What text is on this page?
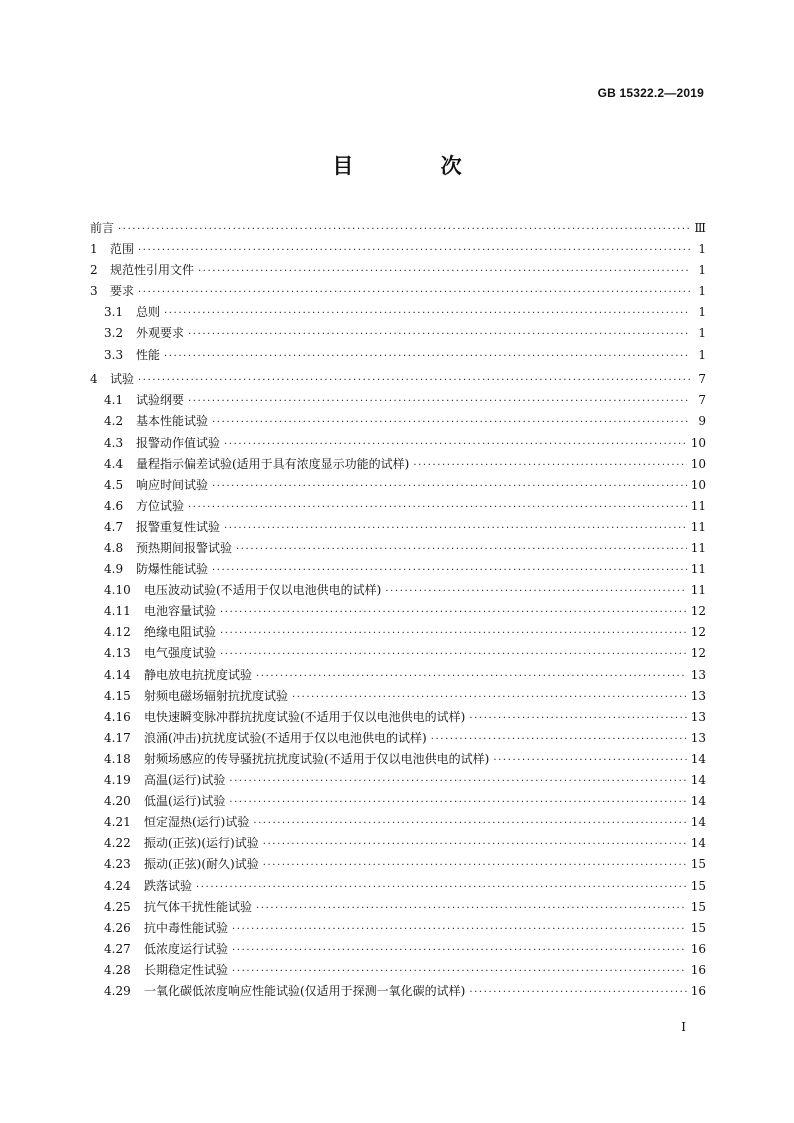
GB 15322.2—2019
目 次
前言 ·····	Ⅲ
1	范围 ·····	1
2	规范性引用文件 ·····	1
3	要求 ·····	1
3.1	总则 ·····	1
3.2	外观要求 ·····	1
3.3	性能 ·····	1
4	试验 ·····	7
4.1	试验纲要 ·····	7
4.2	基本性能试验 ·····	9
4.3	报警动作值试验 ·····	10
4.4	量程指示偏差试验(适用于具有浓度显示功能的试样) ·····	10
4.5	响应时间试验 ·····	10
4.6	方位试验 ·····	11
4.7	报警重复性试验 ·····	11
4.8	预热期间报警试验 ·····	11
4.9	防爆性能试验 ·····	11
4.10	电压波动试验(不适用于仅以电池供电的试样) ·····	11
4.11	电池容量试验 ·····	12
4.12	绝缘电阻试验 ·····	12
4.13	电气强度试验 ·····	12
4.14	静电放电抗扰度试验 ·····	13
4.15	射频电磁场辐射抗扰度试验 ·····	13
4.16	电快速瞬变脉冲群抗扰度试验(不适用于仅以电池供电的试样) ·····	13
4.17	浪涌(冲击)抗扰度试验(不适用于仅以电池供电的试样) ·····	13
4.18	射频场感应的传导骚扰抗扰度试验(不适用于仅以电池供电的试样) ·····	14
4.19	高温(运行)试验 ·····	14
4.20	低温(运行)试验 ·····	14
4.21	恒定湿热(运行)试验 ·····	14
4.22	振动(正弦)(运行)试验 ·····	14
4.23	振动(正弦)(耐久)试验 ·····	15
4.24	跌落试验 ·····	15
4.25	抗气体干扰性能试验 ·····	15
4.26	抗中毒性能试验 ·····	15
4.27	低浓度运行试验 ·····	16
4.28	长期稳定性试验 ·····	16
4.29	一氧化碳低浓度响应性能试验(仅适用于探测一氧化碳的试样) ·····	16
I
